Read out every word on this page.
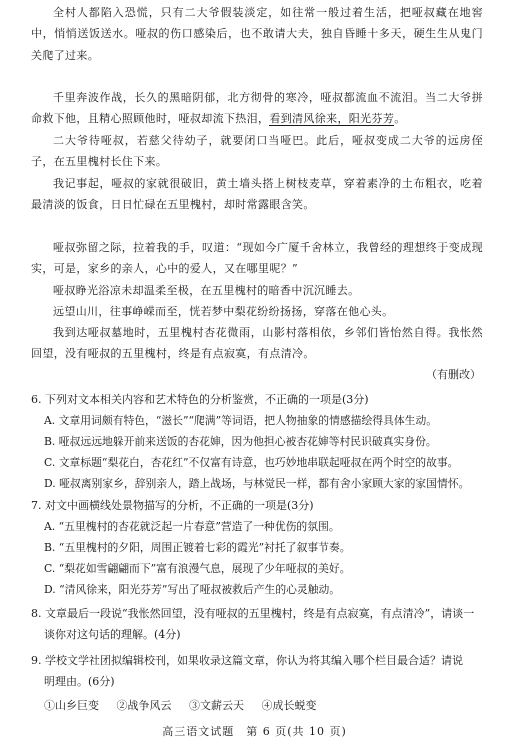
全村人都陷入恐慌，只有二大爷假装淡定，如往常一般过着生活，把哑叔藏在地窖中，悄悄送饭送水。哑叔的伤口感染后，也不敢请大夫，独自昏睡十多天，硬生生从鬼门关爬了过来。

千里奔波作战，长久的黑暗阴郁，北方彻骨的寒冷，哑叔都流血不流泪。当二大爷拼命救下他，且精心照顾他时，哑叔却流下热泪，看到清风徐来，阳光芬芳。

二大爷待哑叔，若慈父待幼子，就要闭口当哑巴。此后，哑叔变成二大爷的远房侄子，在五里槐村长住下来。

我记事起，哑叔的家就很破旧，黄土墙头搭上树枝麦草，穿着素净的土布粗衣，吃着最清淡的饭食，日日忙碌在五里槐村，却时常露眼含笑。

哑叔弥留之际，拉着我的手，叹道：“现如今广厦千舍林立，我曾经的理想终于变成现实，可是，家乡的亲人，心中的爱人，又在哪里呢？”

哑叔睁光浴凉未却温柔至极，在五里槐村的暗香中沉沉睡去。

远望山川，往事峥嵘而至，恍若梦中梨花纷纷扬扬，穿落在他心头。

我到达哑叔墓地时，五里槐村杏花微雨，山影村落相依，乡邻们皆怡然自得。我怅然回望，没有哑叔的五里槐村，终是有点寂寞，有点清冷。

（有删改）

6. 下列对文本相关内容和艺术特色的分析鉴赏，不正确的一项是(3分)

A. 文章用词颇有特色，“滋长”“爬满”等词语，把人物抽象的情感描绘得具体生动。

B. 哑叔远远地躲开前来送饭的杏花婶，因为他担心被杏花婶等村民识破真实身份。

C. 文章标题“梨花白，杏花红”不仅富有诗意，也巧妙地串联起哑叔在两个时空的故事。

D. 哑叔离别家乡，辞别亲人，踏上战场，与林觉民一样，都有舍小家顾大家的家国情怀。

7. 对文中画横线处景物描写的分析，不正确的一项是(3分)

A. “五里槐村的杏花就泛起一片春意”营造了一种优伤的氛围。

B. “五里槐村的夕阳，周围正镀着七彩的霞光”衬托了叙事节奏。

C. “梨花如雪翩翩而下”富有浪漫气息，展现了少年哑叔的美好。

D. “清风徐来，阳光芬芳”写出了哑叔被救后产生的心灵触动。

8. 文章最后一段说“我怅然回望，没有哑叔的五里槐村，终是有点寂寞，有点清冷”，请谈一

谈你对这句话的理解。(4分)

9. 学校文学社团拟编辑校刊，如果收录这篇文章，你认为将其编入哪个栏目最合适？请说

明理由。(6分)

①山乡巨变 ②战争风云 ③文薪云天 ④成长蜕变
高三语文试题　第 6 页(共 10 页)
